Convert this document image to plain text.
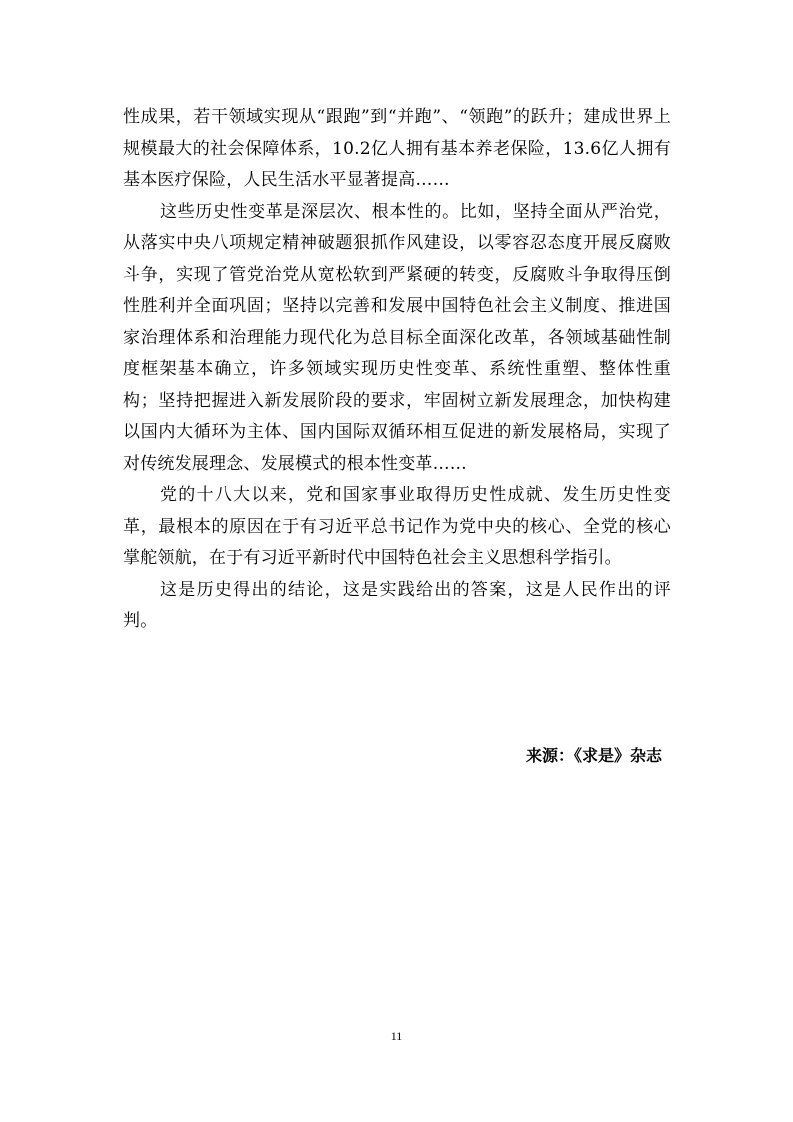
性成果，若干领域实现从“跟跑”到“并跑”、“领跑”的跃升；建成世界上规模最大的社会保障体系，10.2亿人拥有基本养老保险，13.6亿人拥有基本医疗保险，人民生活水平显著提高……

这些历史性变革是深层次、根本性的。比如，坚持全面从严治党，从落实中央八项规定精神破题狠抓作风建设，以零容忍态度开展反腐败斗争，实现了管党治党从宽松软到严紧硬的转变，反腐败斗争取得压倒性胜利并全面巩固；坚持以完善和发展中国特色社会主义制度、推进国家治理体系和治理能力现代化为总目标全面深化改革，各领域基础性制度框架基本确立，许多领域实现历史性变革、系统性重塑、整体性重构；坚持把握进入新发展阶段的要求，牢固树立新发展理念，加快构建以国内大循环为主体、国内国际双循环相互促进的新发展格局，实现了对传统发展理念、发展模式的根本性变革……

党的十八大以来，党和国家事业取得历史性成就、发生历史性变革，最根本的原因在于有习近平总书记作为党中央的核心、全党的核心掌舵领航，在于有习近平新时代中国特色社会主义思想科学指引。

这是历史得出的结论，这是实践给出的答案，这是人民作出的评判。

来源：《求是》杂志
11
